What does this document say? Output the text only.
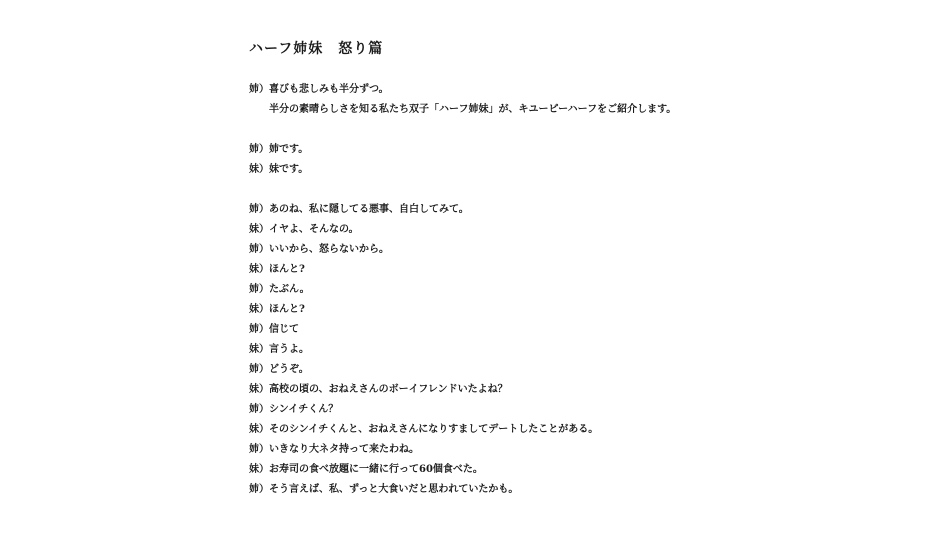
ハーフ姉妹　怒り篇
姉） 喜びも悲しみも半分ずつ。
半分の素晴らしさを知る私たち双子「ハーフ姉妹」が、キユーピーハーフをご紹介します。
姉） 姉です。
妹） 妹です。
姉） あのね、私に隠してる悪事、自白してみて。
妹） イヤよ、そんなの。
姉） いいから、怒らないから。
妹） ほんと?
姉） たぶん。
妹） ほんと?
姉） 信じて
妹） 言うよ。
姉） どうぞ。
妹） 高校の頃の、おねえさんのボーイフレンドいたよね？
姉） シンイチくん？
妹） そのシンイチくんと、おねえさんになりすましてデートしたことがある。
姉） いきなり大ネタ持って来たわね。
妹） お寿司の食べ放題に一緒に行って60個食べた。
姉） そう言えば、私、ずっと大食いだと思われていたかも。
